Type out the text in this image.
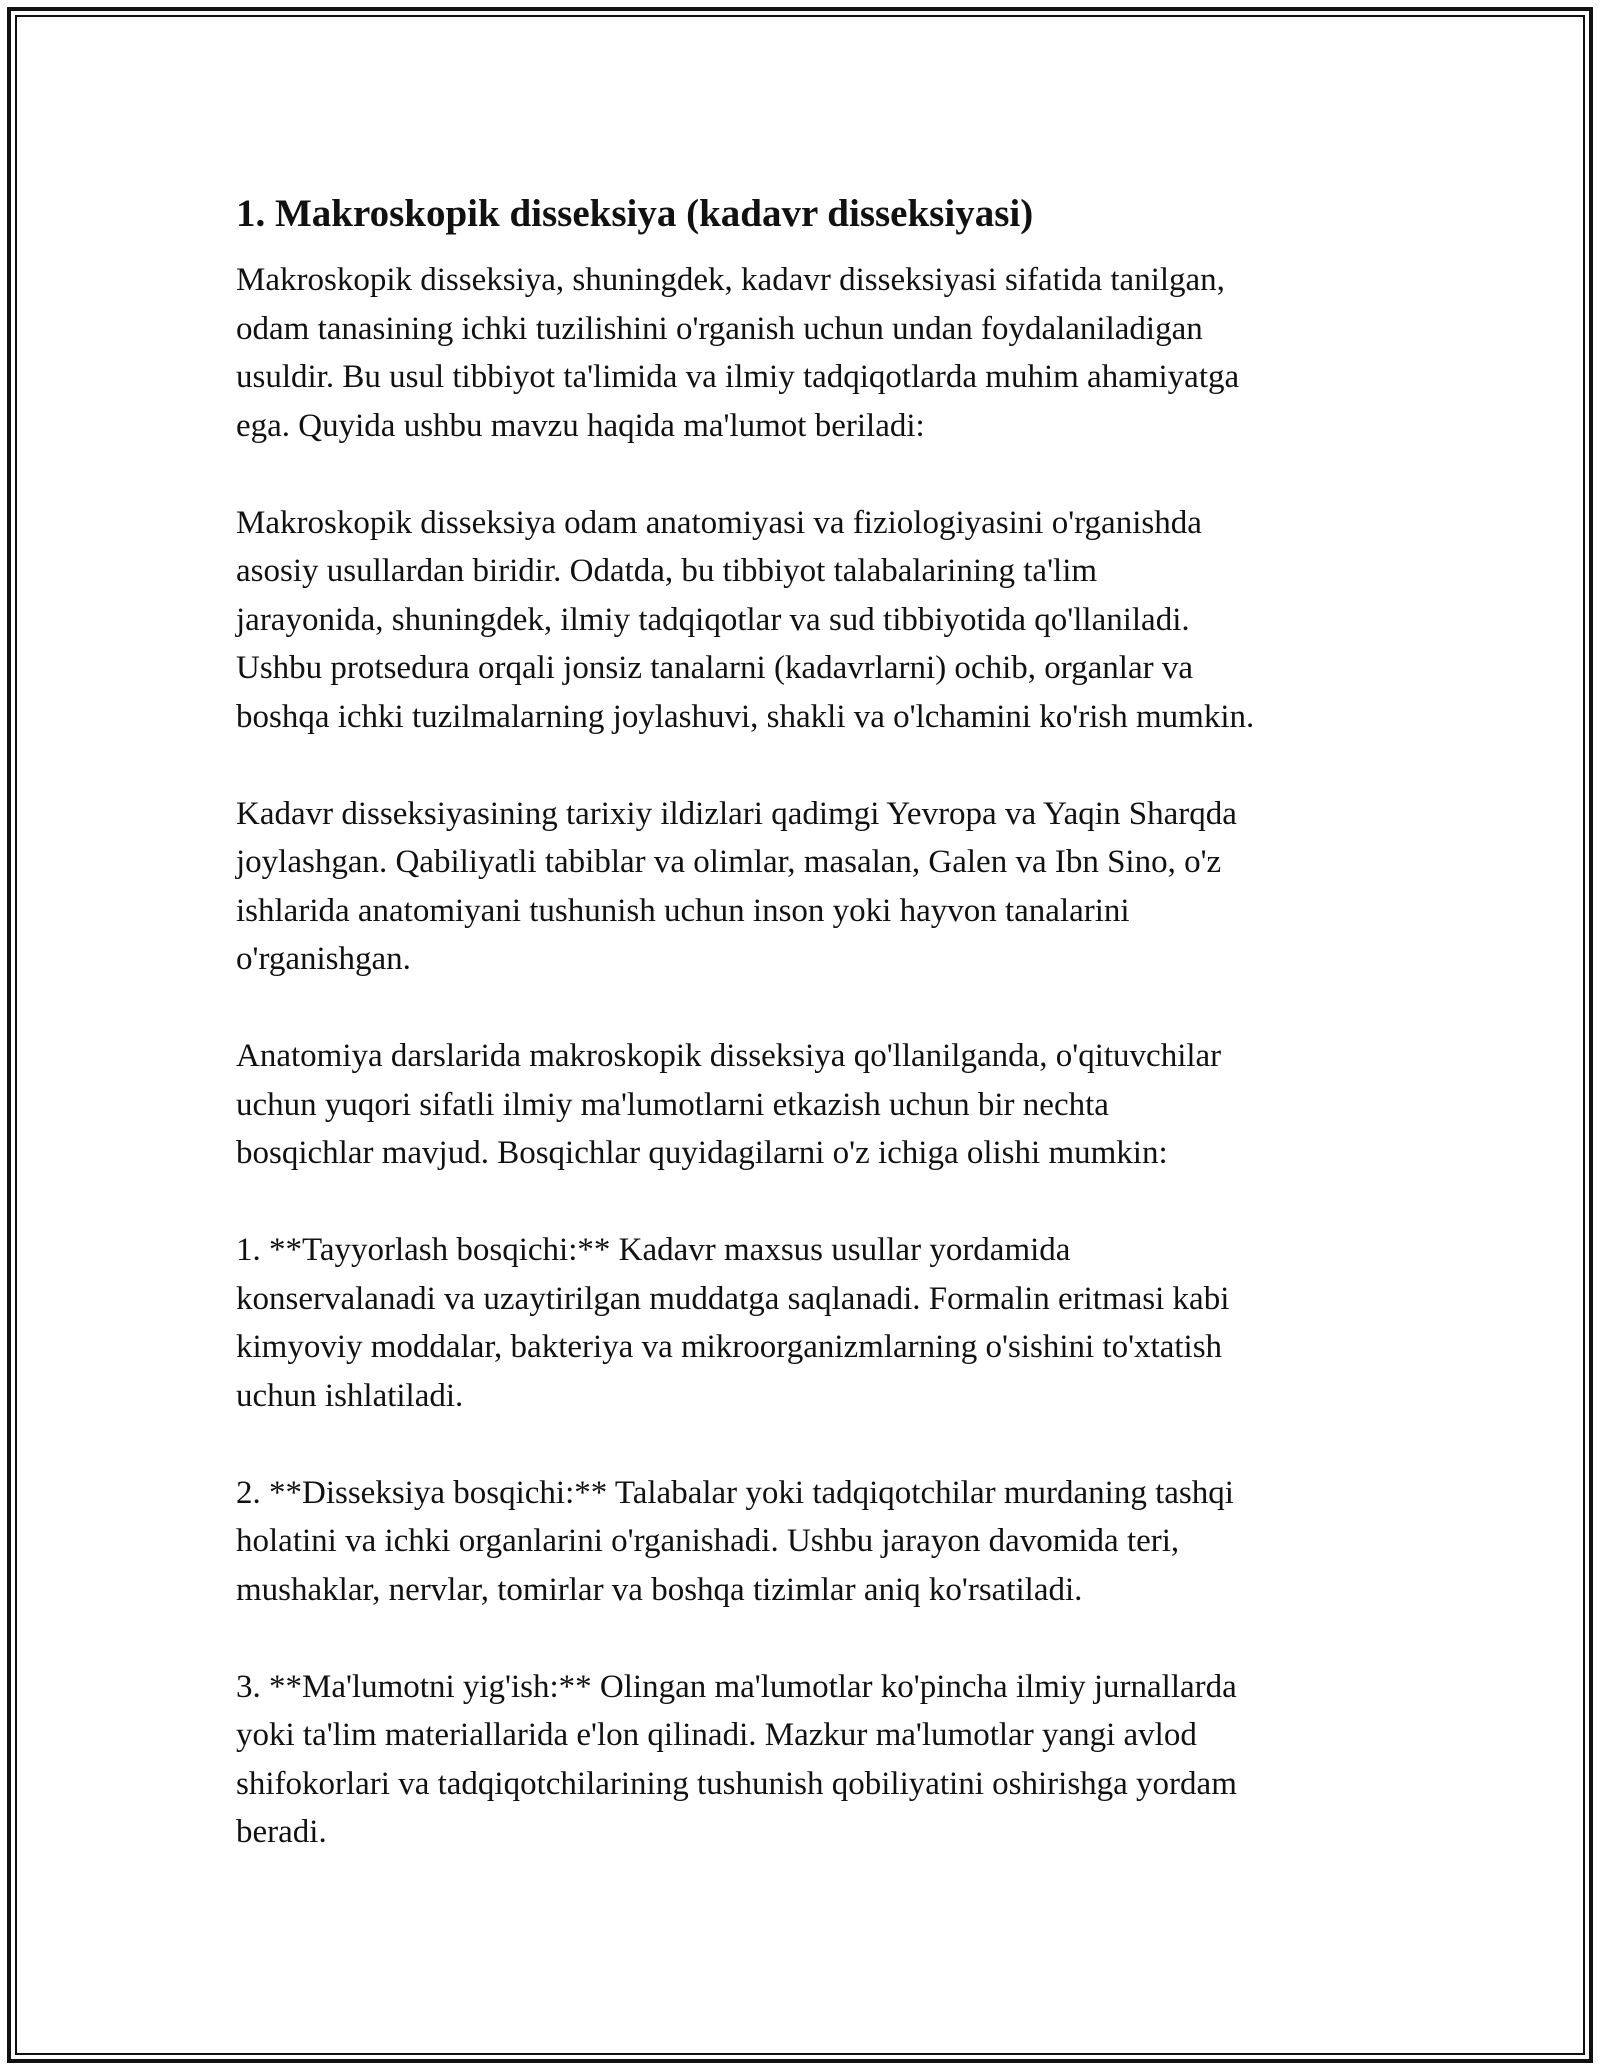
1. Makroskopik disseksiya (kadavr disseksiyasi)

Makroskopik disseksiya, shuningdek, kadavr disseksiyasi sifatida tanilgan,
odam tanasining ichki tuzilishini o'rganish uchun undan foydalaniladigan
usuldir. Bu usul tibbiyot ta'limida va ilmiy tadqiqotlarda muhim ahamiyatga
ega. Quyida ushbu mavzu haqida ma'lumot beriladi:

Makroskopik disseksiya odam anatomiyasi va fiziologiyasini o'rganishda
asosiy usullardan biridir. Odatda, bu tibbiyot talabalarining ta'lim
jarayonida, shuningdek, ilmiy tadqiqotlar va sud tibbiyotida qo'llaniladi.
Ushbu protsedura orqali jonsiz tanalarni (kadavrlarni) ochib, organlar va
boshqa ichki tuzilmalarning joylashuvi, shakli va o'lchamini ko'rish mumkin.

Kadavr disseksiyasining tarixiy ildizlari qadimgi Yevropa va Yaqin Sharqda
joylashgan. Qabiliyatli tabiblar va olimlar, masalan, Galen va Ibn Sino, o'z
ishlarida anatomiyani tushunish uchun inson yoki hayvon tanalarini
o'rganishgan.

Anatomiya darslarida makroskopik disseksiya qo'llanilganda, o'qituvchilar
uchun yuqori sifatli ilmiy ma'lumotlarni etkazish uchun bir nechta
bosqichlar mavjud. Bosqichlar quyidagilarni o'z ichiga olishi mumkin:

1. **Tayyorlash bosqichi:** Kadavr maxsus usullar yordamida
konservalanadi va uzaytirilgan muddatga saqlanadi. Formalin eritmasi kabi
kimyoviy moddalar, bakteriya va mikroorganizmlarning o'sishini to'xtatish
uchun ishlatiladi.

2. **Disseksiya bosqichi:** Talabalar yoki tadqiqotchilar murdaning tashqi
holatini va ichki organlarini o'rganishadi. Ushbu jarayon davomida teri,
mushaklar, nervlar, tomirlar va boshqa tizimlar aniq ko'rsatiladi.

3. **Ma'lumotni yig'ish:** Olingan ma'lumotlar ko'pincha ilmiy jurnallarda
yoki ta'lim materiallarida e'lon qilinadi. Mazkur ma'lumotlar yangi avlod
shifokorlari va tadqiqotchilarining tushunish qobiliyatini oshirishga yordam
beradi.
